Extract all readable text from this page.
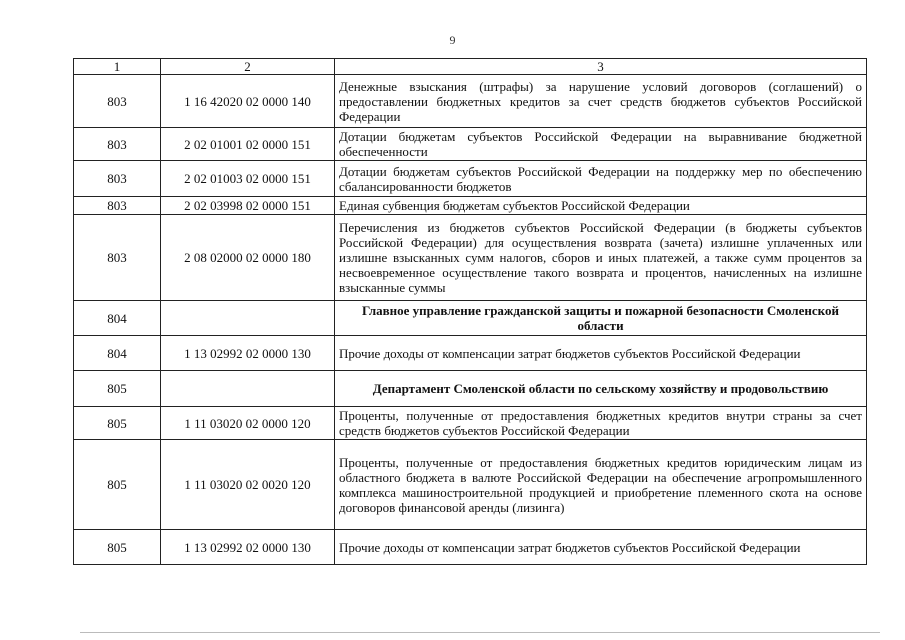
9
1	2	3
803	1 16 42020 02 0000 140	Денежные взыскания (штрафы) за нарушение условий договоров (соглашений) о предоставлении бюджетных кредитов за счет средств бюджетов субъектов Российской Федерации
803	2 02 01001 02 0000 151	Дотации бюджетам субъектов Российской Федерации на выравнивание бюджетной обеспеченности
803	2 02 01003 02 0000 151	Дотации бюджетам субъектов Российской Федерации на поддержку мер по обеспечению сбалансированности бюджетов
803	2 02 03998 02 0000 151	Единая субвенция бюджетам субъектов Российской Федерации
803	2 08 02000 02 0000 180	Перечисления из бюджетов субъектов Российской Федерации (в бюджеты субъектов Российской Федерации) для осуществления возврата (зачета) излишне уплаченных или излишне взысканных сумм налогов, сборов и иных платежей, а также сумм процентов за несвоевременное осуществление такого возврата и процентов, начисленных на излишне взысканные суммы
804		Главное управление гражданской защиты и пожарной безопасности Смоленской области
804	1 13 02992 02 0000 130	Прочие доходы от компенсации затрат бюджетов субъектов Российской Федерации
805		Департамент Смоленской области по сельскому хозяйству и продовольствию
805	1 11 03020 02 0000 120	Проценты, полученные от предоставления бюджетных кредитов внутри страны за счет средств бюджетов субъектов Российской Федерации
805	1 11 03020 02 0020 120	Проценты, полученные от предоставления бюджетных кредитов юридическим лицам из областного бюджета в валюте Российской Федерации на обеспечение агропромышленного комплекса машиностроительной продукцией и приобретение племенного скота на основе договоров финансовой аренды (лизинга)
805	1 13 02992 02 0000 130	Прочие доходы от компенсации затрат бюджетов субъектов Российской Федерации
